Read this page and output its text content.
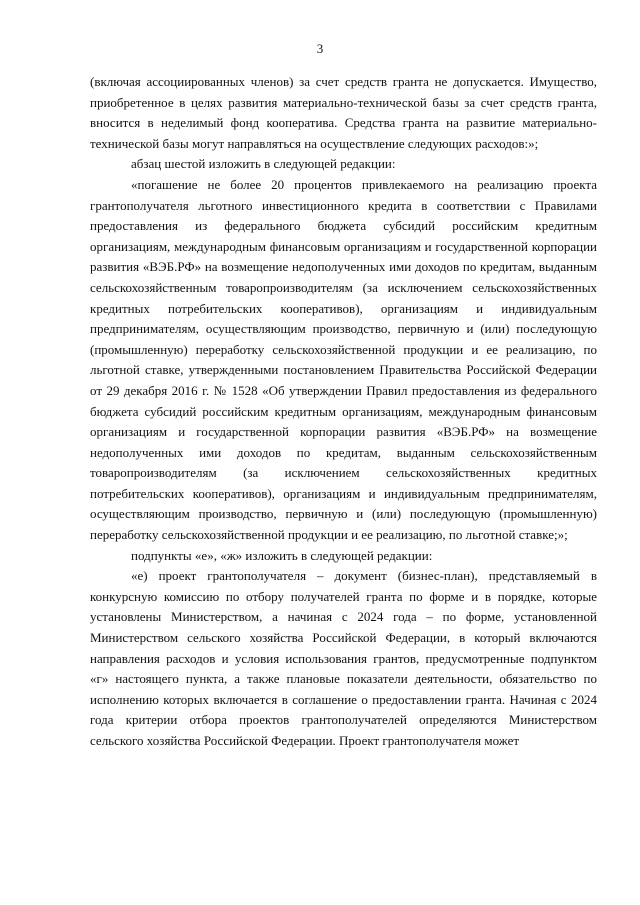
3

(включая ассоциированных членов) за счет средств гранта не допускается. Имущество, приобретенное в целях развития материально-технической базы за счет средств гранта, вносится в неделимый фонд кооператива. Средства гранта на развитие материально-технической базы могут направляться на осуществление следующих расходов:»;

абзац шестой изложить в следующей редакции:

«погашение не более 20 процентов привлекаемого на реализацию проекта грантополучателя льготного инвестиционного кредита в соответствии с Правилами предоставления из федерального бюджета субсидий российским кредитным организациям, международным финансовым организациям и государственной корпорации развития «ВЭБ.РФ» на возмещение недополученных ими доходов по кредитам, выданным сельскохозяйственным товаропроизводителям (за исключением сельскохозяйственных кредитных потребительских кооперативов), организациям и индивидуальным предпринимателям, осуществляющим производство, первичную и (или) последующую (промышленную) переработку сельскохозяйственной продукции и ее реализацию, по льготной ставке, утвержденными постановлением Правительства Российской Федерации от 29 декабря 2016 г. № 1528 «Об утверждении Правил предоставления из федерального бюджета субсидий российским кредитным организациям, международным финансовым организациям и государственной корпорации развития «ВЭБ.РФ» на возмещение недополученных ими доходов по кредитам, выданным сельскохозяйственным товаропроизводителям (за исключением сельскохозяйственных кредитных потребительских кооперативов), организациям и индивидуальным предпринимателям, осуществляющим производство, первичную и (или) последующую (промышленную) переработку сельскохозяйственной продукции и ее реализацию, по льготной ставке;»;

подпункты «е», «ж» изложить в следующей редакции:

«е) проект грантополучателя – документ (бизнес-план), представляемый в конкурсную комиссию по отбору получателей гранта по форме и в порядке, которые установлены Министерством, а начиная с 2024 года – по форме, установленной Министерством сельского хозяйства Российской Федерации, в который включаются направления расходов и условия использования грантов, предусмотренные подпунктом «г» настоящего пункта, а также плановые показатели деятельности, обязательство по исполнению которых включается в соглашение о предоставлении гранта. Начиная с 2024 года критерии отбора проектов грантополучателей определяются Министерством сельского хозяйства Российской Федерации. Проект грантополучателя может
